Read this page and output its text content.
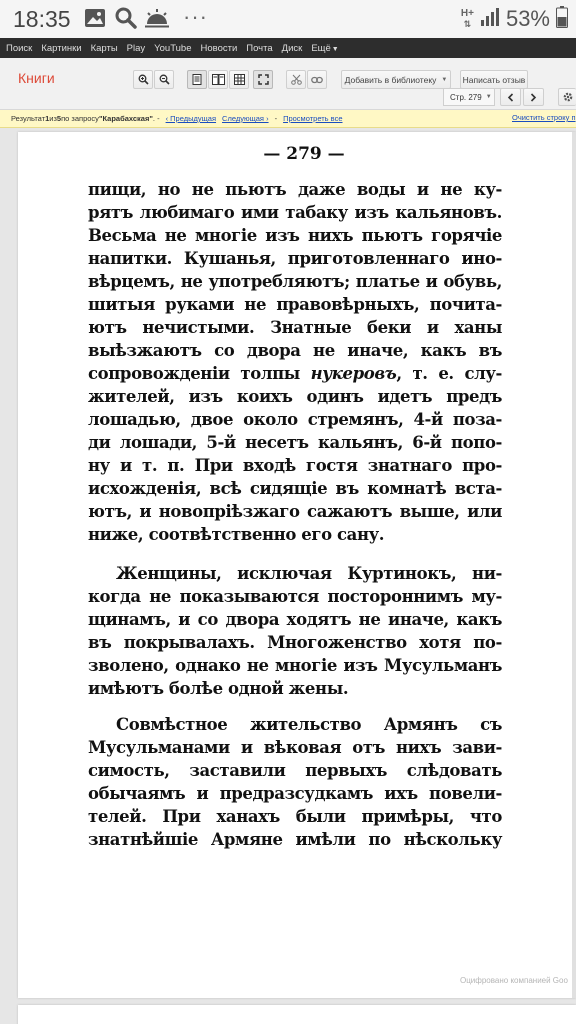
18:35	···	H+
⇅ 53%
Поиск Картинки Карты Play YouTube Новости Почта Диск Ещё▼
Книги	Добавить в библиотеку ▼	Написать отзыв
Стр. 279 ▼
Результат 1 из 5 по запросу "Карабахская" . - ‹ Предыдущая Следующая › - Просмотреть все	Очистить строку п
— 279 —
пищи, но не пьютъ даже воды и не ку-
рятъ любимаго ими табаку изъ кальяновъ.
Весьма не многіе изъ нихъ пьютъ горячіе
напитки. Кушанья, приготовленнаго ино-
вѣрцемъ, не употребляютъ; платье и обувь,
шитыя руками не правовѣрныхъ, почита-
ютъ нечистыми. Знатные беки и ханы
выѣзжаютъ со двора не иначе, какъ въ
сопровожденіи толпы нукеровъ, т. е. слу-
жителей, изъ коихъ одинъ идетъ предъ
лошадью, двое около стремянъ, 4-й поза-
ди лошади, 5-й несетъ кальянъ, 6-й попо-
ну и т. п. При входѣ гостя знатнаго про-
исхожденія, всѣ сидящіе въ комнатѣ вста-
ютъ, и новопріѣзжаго сажаютъ выше, или
ниже, соотвѣтственно его сану.
Женщины, исключая Куртинокъ, ни-
когда не показываются постороннимъ му-
щинамъ, и со двора ходятъ не иначе, какъ
въ покрывалахъ. Многоженство хотя по-
зволено, однако не многіе изъ Мусульманъ
имѣютъ болѣе одной жены.
Совмѣстное жительство Армянъ съ
Мусульманами и вѣковая отъ нихъ зави-
симость, заставили первыхъ слѣдовать
обычаямъ и предразсудкамъ ихъ повели-
телей. При ханахъ были примѣры, что
знатнѣйшіе Армяне имѣли по нѣскольку
Оцифровано компанией Goo
